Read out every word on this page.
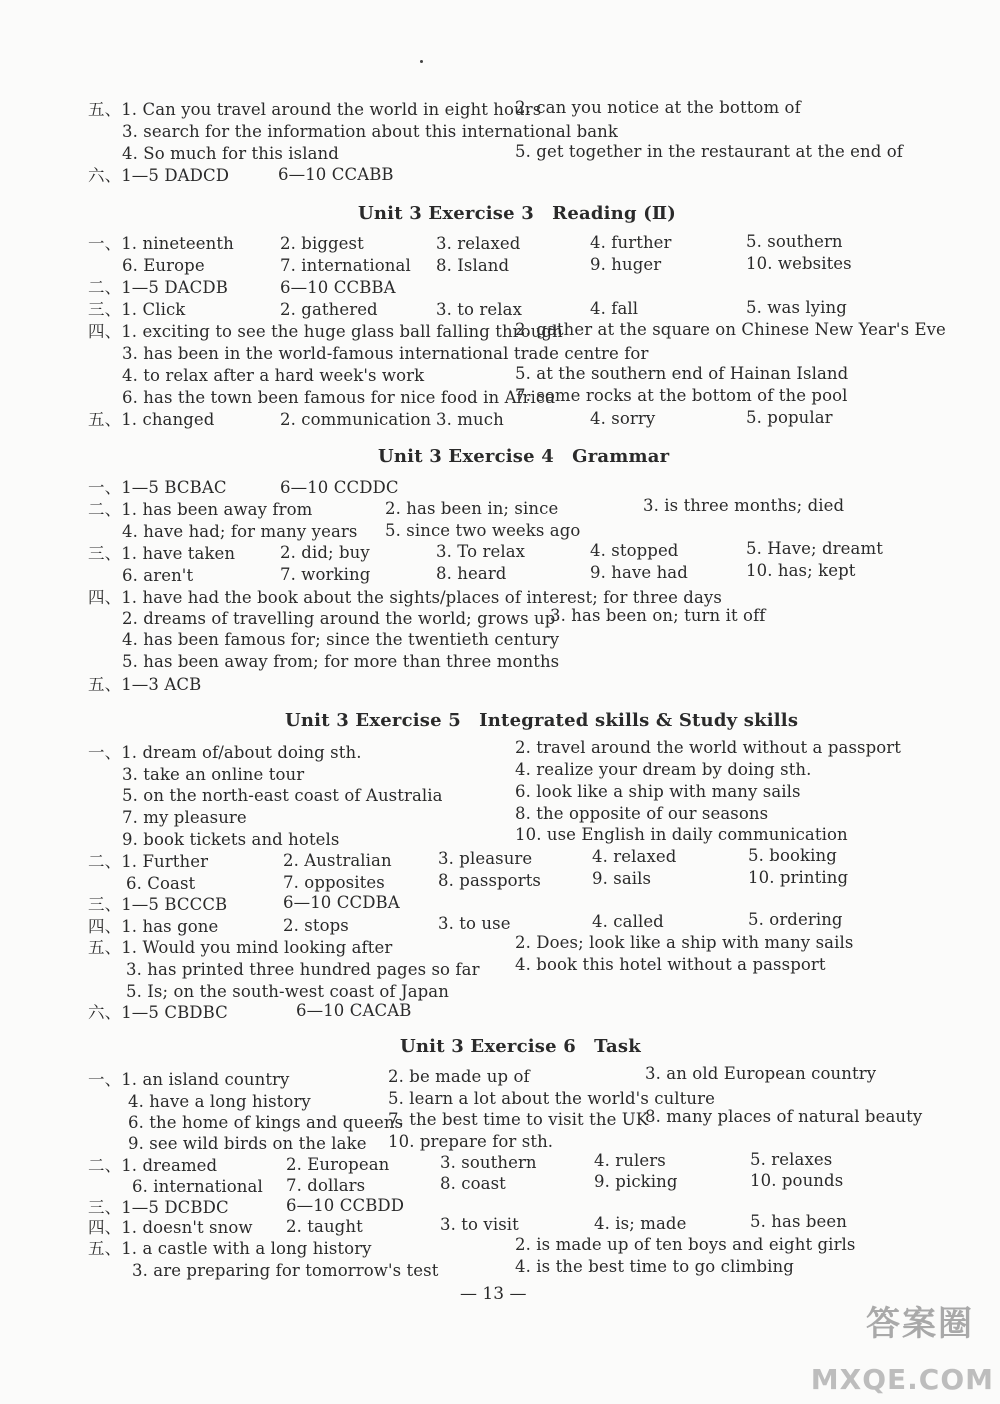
五、1. Can you travel around the world in eight hours
2. can you notice at the bottom of
3. search for the information about this international bank
4. So much for this island	5. get together in the restaurant at the end of
六、1—5 DADCD	6—10 CCABB
Unit 3 Exercise 3　Reading (Ⅱ)
一、1. nineteenth	2. biggest	3. relaxed	4. further	5. southern
6. Europe	7. international 8. Island	9. huger	10. websites
二、1—5 DACDB	6—10 CCBBA
三、1. Click	2. gathered	3. to relax	4. fall	5. was lying
四、1. exciting to see the huge glass ball falling through
2. gather at the square on Chinese New Year's Eve
3. has been in the world-famous international trade centre for
4. to relax after a hard week's work	5. at the southern end of Hainan Island
6. has the town been famous for nice food in Africa
7. some rocks at the bottom of the pool
五、1. changed	2. communication 3. much	4. sorry	5. popular
Unit 3 Exercise 4　Grammar
一、1—5 BCBAC	6—10 CCDDC
二、1. has been away from	2. has been in; since	3. is three months; died
4. have had; for many years 5. since two weeks ago
三、1. have taken	2. did; buy	3. To relax	4. stopped	5. Have; dreamt
6. aren't	7. working	8. heard	9. have had	10. has; kept
四、1. have had the book about the sights/places of interest; for three days
2. dreams of travelling around the world; grows up
3. has been on; turn it off
4. has been famous for; since the twentieth century
5. has been away from; for more than three months
五、1—3 ACB
Unit 3 Exercise 5　Integrated skills & Study skills
一、1. dream of/about doing sth.	2. travel around the world without a passport
3. take an online tour	4. realize your dream by doing sth.
5. on the north-east coast of Australia	6. look like a ship with many sails
7. my pleasure	8. the opposite of our seasons
9. book tickets and hotels	10. use English in daily communication
二、1. Further	2. Australian	3. pleasure	4. relaxed	5. booking
6. Coast	7. opposites	8. passports	9. sails	10. printing
三、1—5 BCCCB	6—10 CCDBA
四、1. has gone	2. stops	3. to use	4. called	5. ordering
五、1. Would you mind looking after	2. Does; look like a ship with many sails
3. has printed three hundred pages so far 4. book this hotel without a passport
5. Is; on the south-west coast of Japan
六、1—5 CBDBC	6—10 CACAB
Unit 3 Exercise 6　Task
一、1. an island country	2. be made up of	3. an old European country
4. have a long history	5. learn a lot about the world's culture
6. the home of kings and queens
7. the best time to visit the UK
8. many places of natural beauty
9. see wild birds on the lake 10. prepare for sth.
二、1. dreamed	2. European	3. southern	4. rulers	5. relaxes
6. international 7. dollars	8. coast	9. picking	10. pounds
三、1—5 DCBDC	6—10 CCBDD
四、1. doesn't snow 2. taught	3. to visit	4. is; made	5. has been
五、1. a castle with a long history	2. is made up of ten boys and eight girls
3. are preparing for tomorrow's test	4. is the best time to go climbing
— 13 —
答案圈
MXQE.COM
